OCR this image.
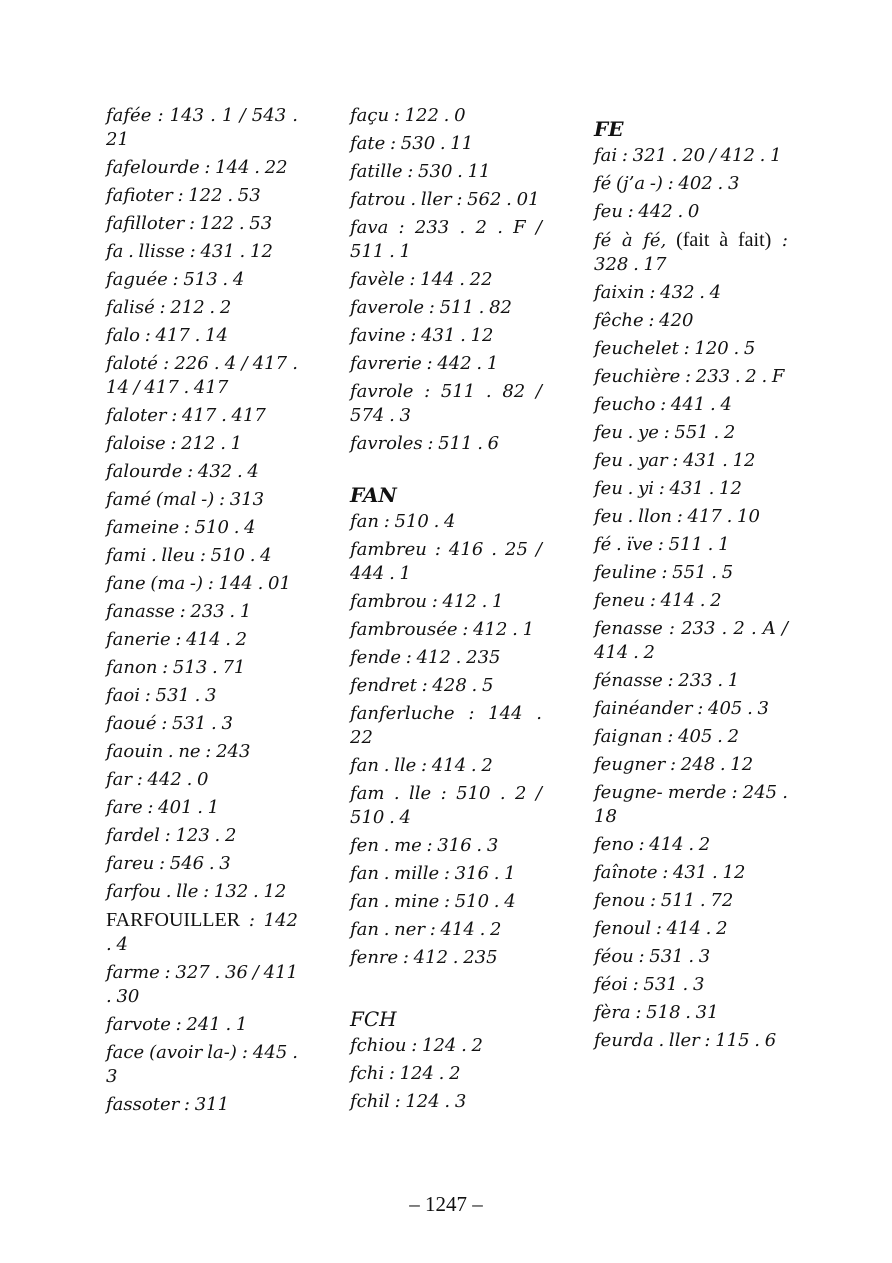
fafée : 143 . 1 / 543 . 21
fafelourde : 144 . 22
fafioter : 122 . 53
fafilloter : 122 . 53
fa . llisse : 431 . 12
faguée : 513 . 4
falisé : 212 . 2
falo : 417 . 14
faloté : 226 . 4 / 417 . 14 / 417 . 417
faloter : 417 . 417
faloise : 212 . 1
falourde : 432 . 4
famé (mal -) : 313
fameine : 510 . 4
fami . lleu : 510 . 4
fane (ma -) : 144 . 01
fanasse : 233 . 1
fanerie : 414 . 2
fanon : 513 . 71
faoi : 531 . 3
faoué : 531 . 3
faouin . ne : 243
far : 442 . 0
fare : 401 . 1
fardel : 123 . 2
fareu : 546 . 3
farfou . lle : 132 . 12
FARFOUILLER : 142 . 4
farme : 327 . 36 / 411 . 30
farvote : 241 . 1
face (avoir la-) : 445 . 3
fassoter : 311
façu : 122 . 0
fate : 530 . 11
fatille : 530 . 11
fatrou . ller : 562 . 01
fava : 233 . 2 . F / 511 . 1
favèle : 144 . 22
faverole : 511 . 82
favine : 431 . 12
favrerie : 442 . 1
favrole : 511 . 82 / 574 . 3
favroles : 511 . 6
FAN
fan : 510 . 4
fambreu : 416 . 25 / 444 . 1
fambrou : 412 . 1
fambrousée : 412 . 1
fende : 412 . 235
fendret : 428 . 5
fanferluche : 144 . 22
fan . lle : 414 . 2
fam . lle : 510 . 2 / 510 . 4
fen . me : 316 . 3
fan . mille : 316 . 1
fan . mine : 510 . 4
fan . ner : 414 . 2
fenre : 412 . 235
FCH
fchiou : 124 . 2
fchi : 124 . 2
fchil : 124 . 3
FE
fai : 321 . 20 / 412 . 1
fé (j’a -) : 402 . 3
feu : 442 . 0
fé à fé, (fait à fait) : 328 . 17
faixin : 432 . 4
fêche : 420
feuchelet : 120 . 5
feuchière : 233 . 2 . F
feucho : 441 . 4
feu . ye : 551 . 2
feu . yar : 431 . 12
feu . yi : 431 . 12
feu . llon : 417 . 10
fé . ïve : 511 . 1
feuline : 551 . 5
feneu : 414 . 2
fenasse : 233 . 2 . A / 414 . 2
fénasse : 233 . 1
fainéander : 405 . 3
faignan : 405 . 2
feugner : 248 . 12
feugne- merde : 245 . 18
feno : 414 . 2
faînote : 431 . 12
fenou : 511 . 72
fenoul : 414 . 2
féou : 531 . 3
féoi : 531 . 3
fèra : 518 . 31
feurda . ller : 115 . 6
– 1247 –
